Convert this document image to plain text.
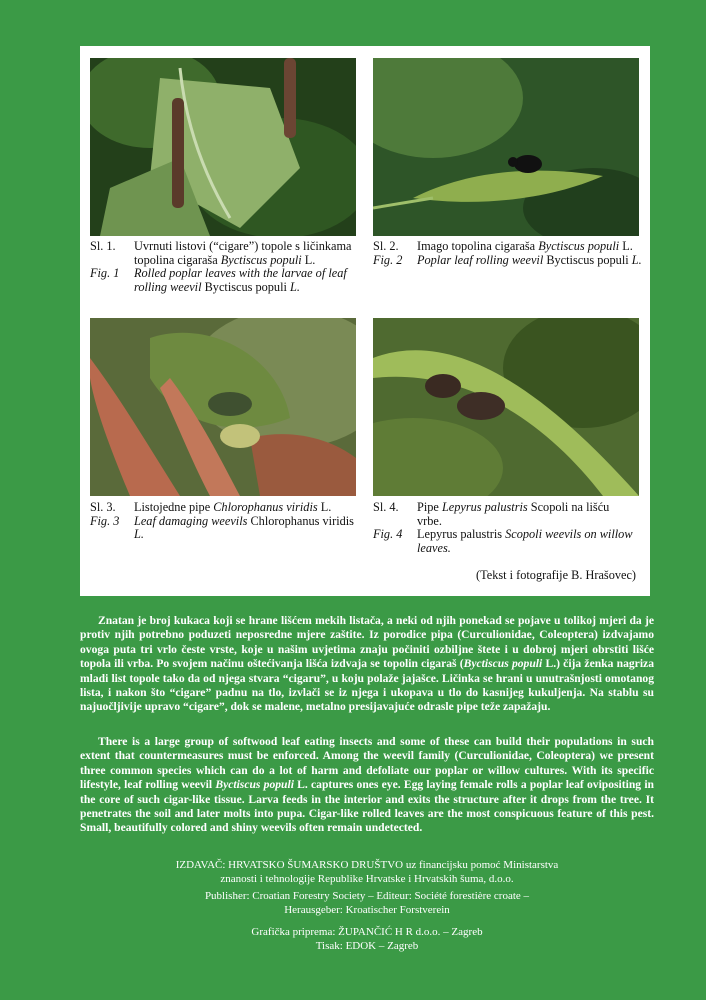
Sl. 1.	Uvrnuti listovi (“cigare”) topole s ličinkama topolina cigaraša Byctiscus populi L.
Fig. 1	Rolled poplar leaves with the larvae of leaf rolling weevil Byctiscus populi L.
Sl. 2.	Imago topolina cigaraša Byctiscus populi L.
Fig. 2	Poplar leaf rolling weevil Byctiscus populi L.
Sl. 3.	Listojedne pipe Chlorophanus viridis L.
Fig. 3	Leaf damaging weevils Chlorophanus viridis L.
Sl. 4.	Pipe Lepyrus palustris Scopoli na lišću vrbe.
Fig. 4	Lepyrus palustris Scopoli weevils on willow leaves.
(Tekst i fotografije B. Hrašovec)

Znatan je broj kukaca koji se hrane lišćem mekih listača, a neki od njih ponekad se pojave u tolikoj mjeri da je protiv njih potrebno poduzeti neposredne mjere zaštite. Iz porodice pipa (Curculionidae, Coleoptera) izdvajamo ovoga puta tri vrlo česte vrste, koje u našim uvjetima znaju počiniti ozbiljne štete i u dobroj mjeri obrstiti lišće topola ili vrba. Po svojem načinu oštećivanja lišća izdvaja se topolin cigaraš (Byctiscus populi L.) čija ženka nagriza mladi list topole tako da od njega stvara “cigaru”, u koju polaže jajašce. Ličinka se hrani u unutrašnjosti omotanog lista, i nakon što “cigare” padnu na tlo, izvlači se iz njega i ukopava u tlo do kasnijeg kukuljenja. Na stablu su najuočljivije upravo “cigare”, dok se malene, metalno presijavajuće odrasle pipe teže zapažaju.

There is a large group of softwood leaf eating insects and some of these can build their populations in such extent that countermeasures must be enforced. Among the weevil family (Curculionidae, Coleoptera) we present three common species which can do a lot of harm and defoliate our poplar or willow cultures. With its specific lifestyle, leaf rolling weevil Byctiscus populi L. captures ones eye. Egg laying female rolls a poplar leaf ovipositing in the core of such cigar-like tissue. Larva feeds in the interior and exits the structure after it drops from the tree. It penetrates the soil and later molts into pupa. Cigar-like rolled leaves are the most conspicuous feature of this pest. Small, beautifully colored and shiny weevils often remain undetected.

IZDAVAČ: HRVATSKO ŠUMARSKO DRUŠTVO uz financijsku pomoć Ministarstva
znanosti i tehnologije Republike Hrvatske i Hrvatskih šuma, d.o.o.
Publisher: Croatian Forestry Society – Editeur: Société forestière croate –
Herausgeber: Kroatischer Forstverein
Grafička priprema: ŽUPANČIĆ H R d.o.o. – Zagreb
Tisak: EDOK – Zagreb
